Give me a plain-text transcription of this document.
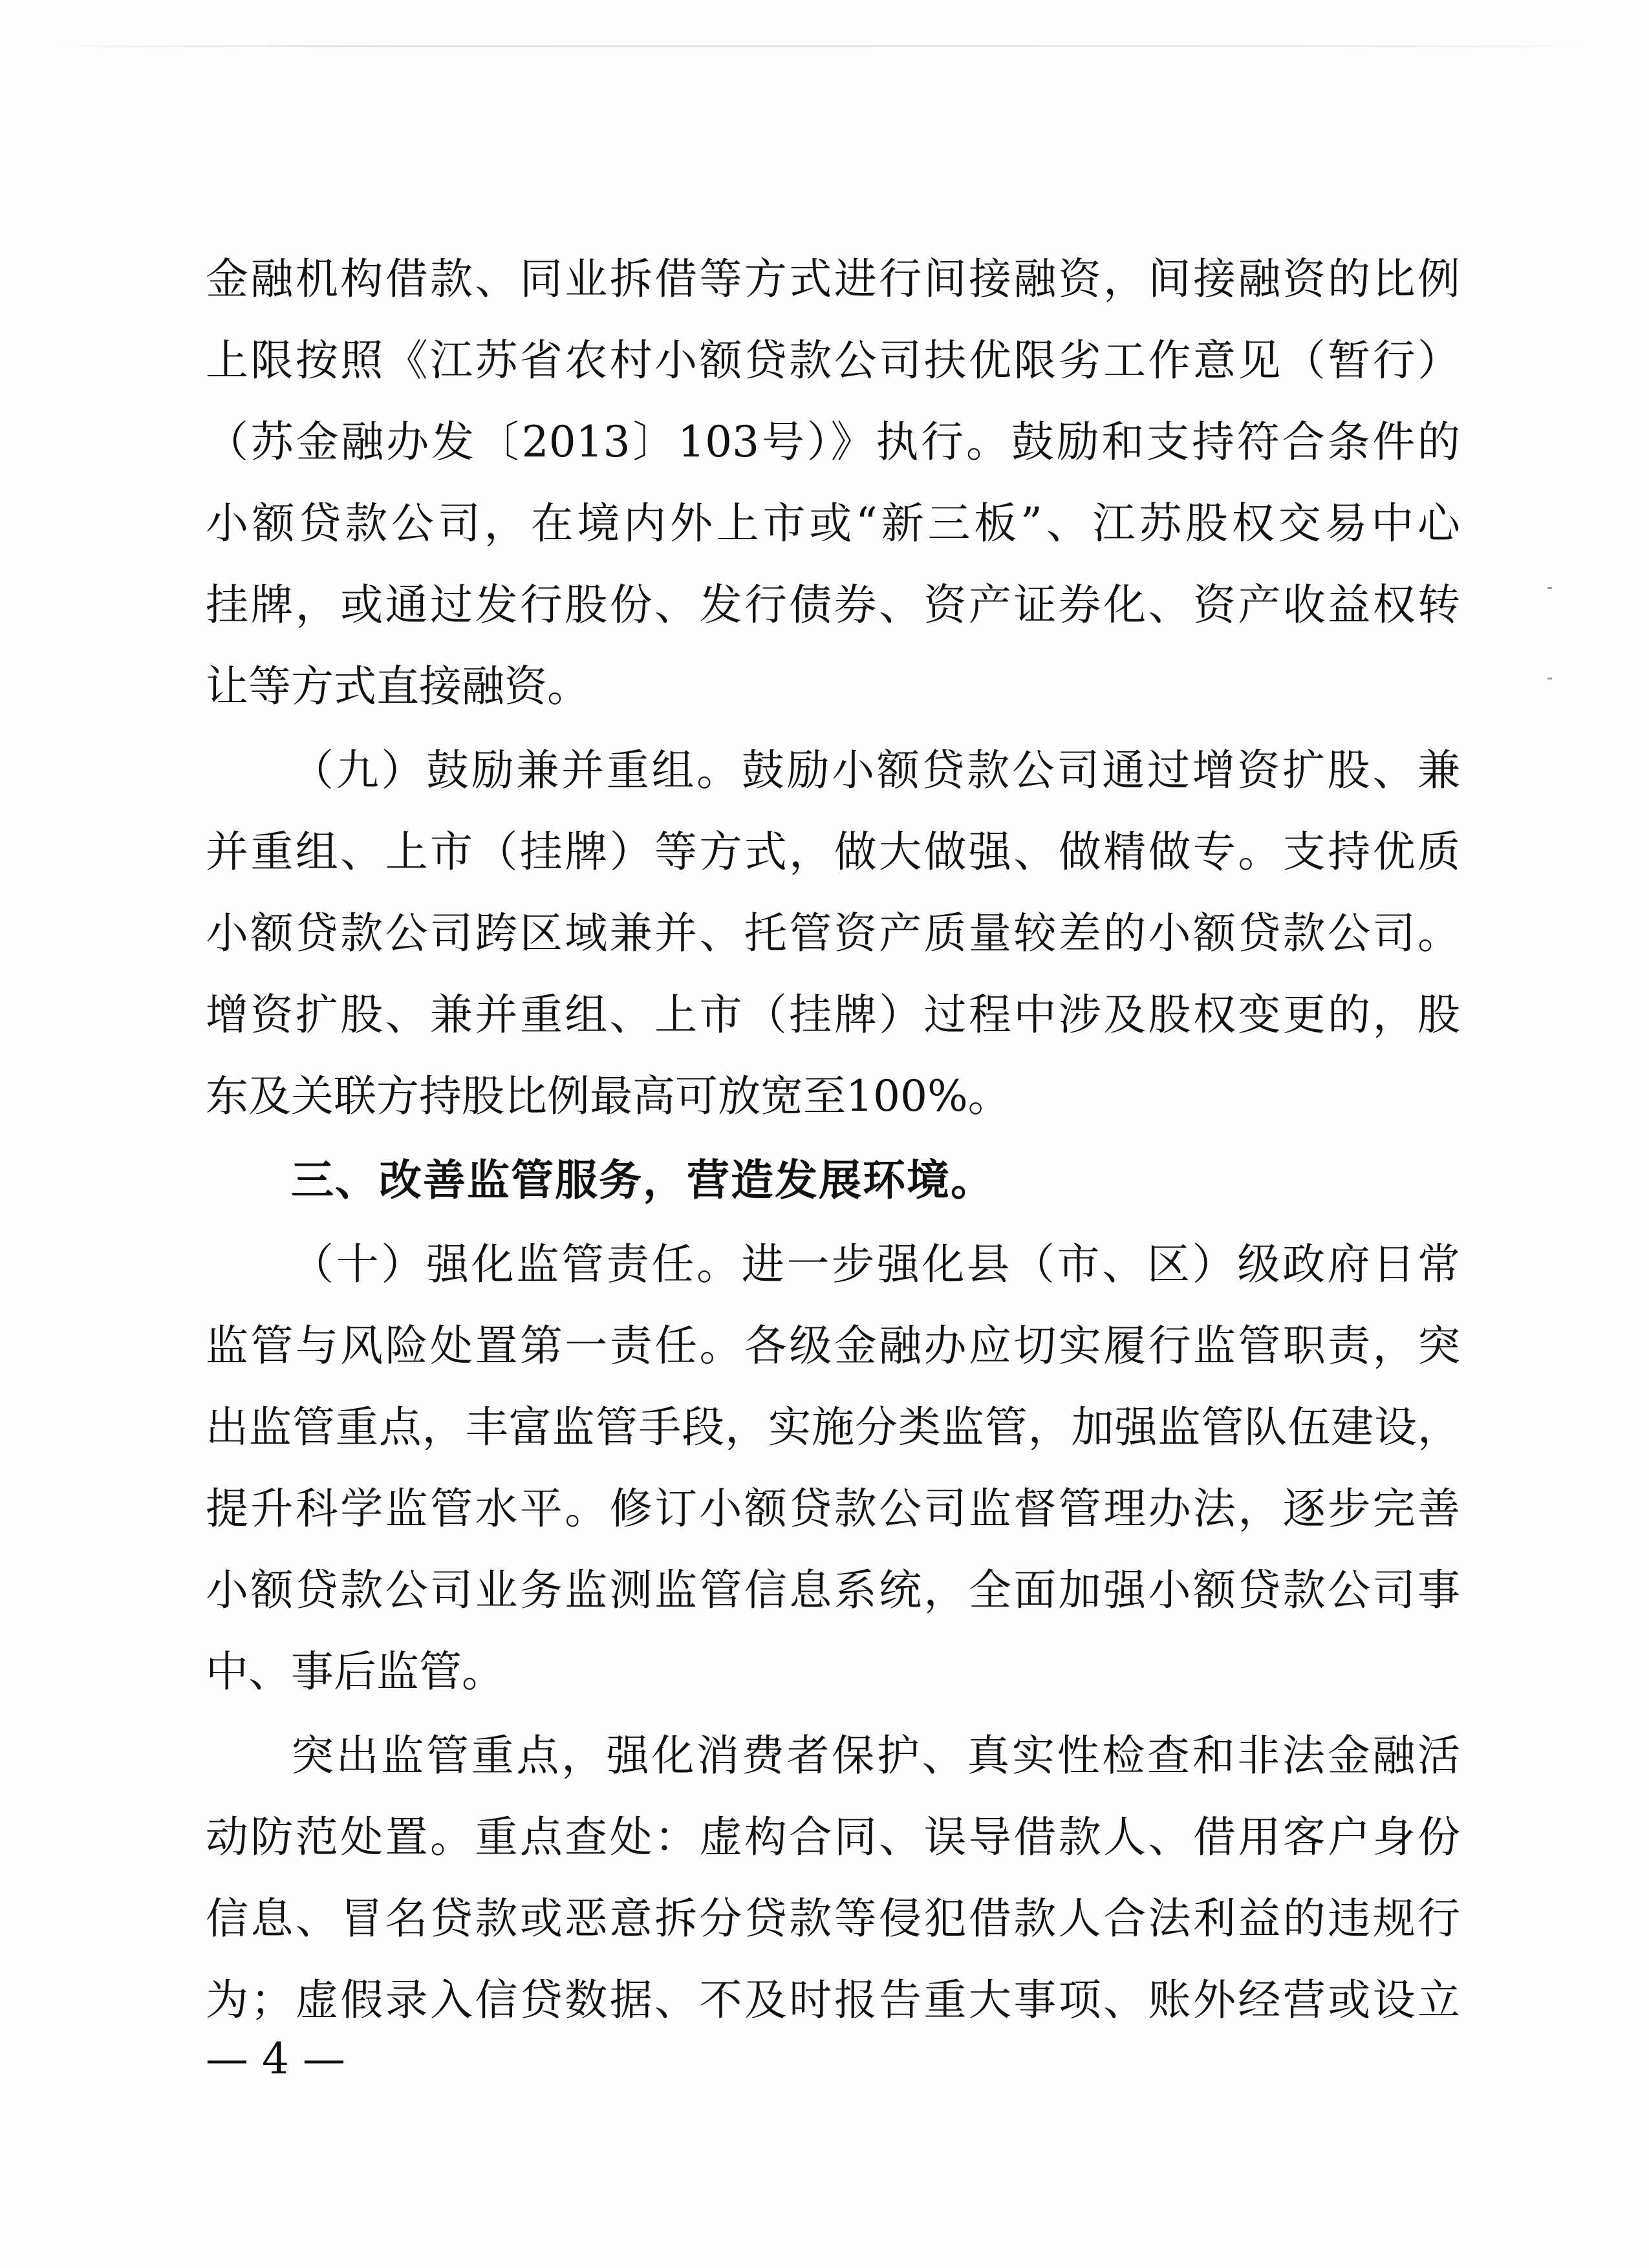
金融机构借款、同业拆借等方式进行间接融资，间接融资的比例
上限按照《江苏省农村小额贷款公司扶优限劣工作意见（暂行）
（苏金融办发〔2013〕103号）》执行。鼓励和支持符合条件的
小额贷款公司，在境内外上市或“新三板”、江苏股权交易中心
挂牌，或通过发行股份、发行债券、资产证券化、资产收益权转
让等方式直接融资。
（九）鼓励兼并重组。鼓励小额贷款公司通过增资扩股、兼
并重组、上市（挂牌）等方式，做大做强、做精做专。支持优质
小额贷款公司跨区域兼并、托管资产质量较差的小额贷款公司。
增资扩股、兼并重组、上市（挂牌）过程中涉及股权变更的，股
东及关联方持股比例最高可放宽至100%。
三、改善监管服务，营造发展环境。
（十）强化监管责任。进一步强化县（市、区）级政府日常
监管与风险处置第一责任。各级金融办应切实履行监管职责，突
出监管重点，丰富监管手段，实施分类监管，加强监管队伍建设，
提升科学监管水平。修订小额贷款公司监督管理办法，逐步完善
小额贷款公司业务监测监管信息系统，全面加强小额贷款公司事
中、事后监管。
突出监管重点，强化消费者保护、真实性检查和非法金融活
动防范处置。重点查处：虚构合同、误导借款人、借用客户身份
信息、冒名贷款或恶意拆分贷款等侵犯借款人合法利益的违规行
为；虚假录入信贷数据、不及时报告重大事项、账外经营或设立
— 4 —
